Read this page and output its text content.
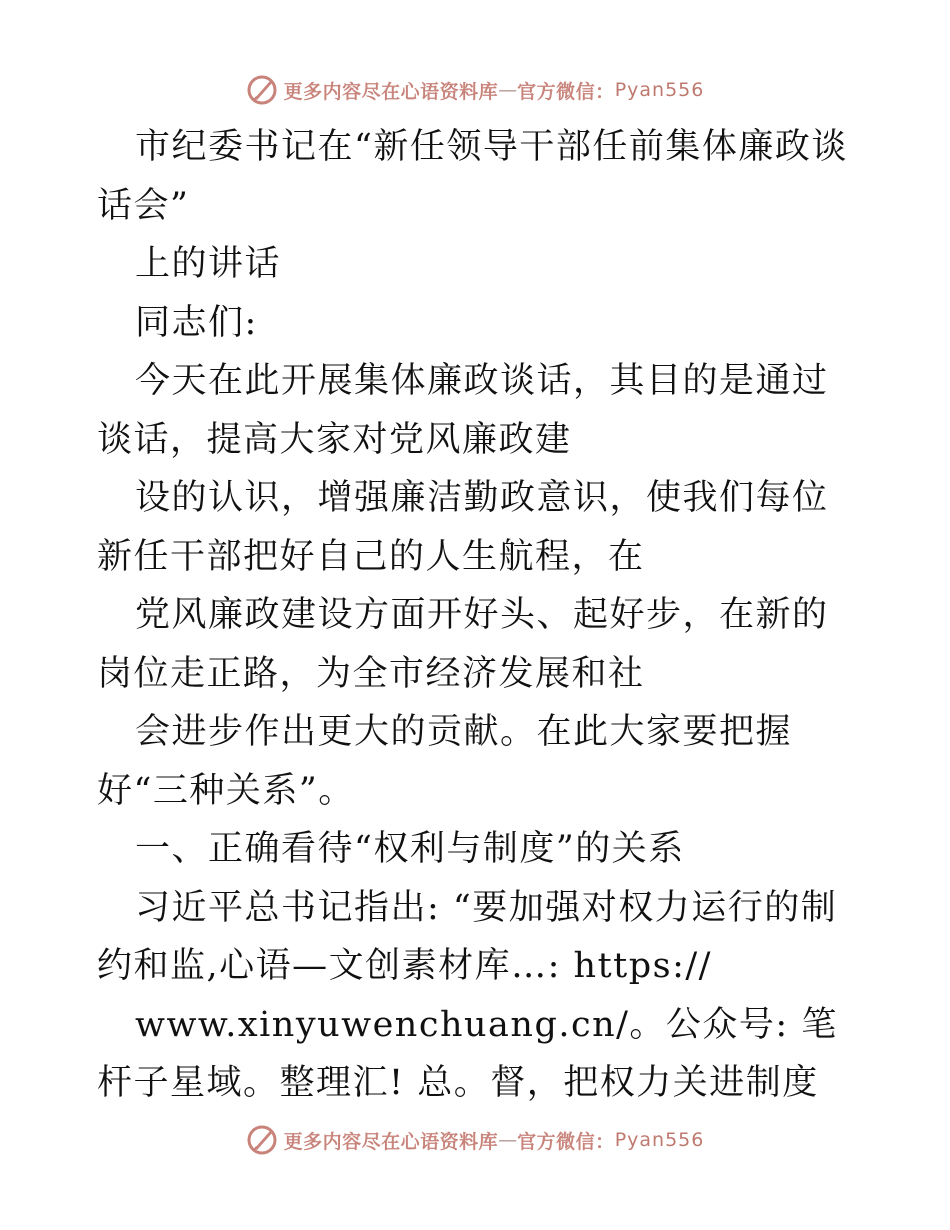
更多内容尽在心语资料库 — 官方微信： Pyan556

市纪委书记在“新任领导干部任前集体廉政谈话会”

上的讲话

同志们:

今天在此开展集体廉政谈话，其目的是通过谈话，提高大家对党风廉政建

设的认识，增强廉洁勤政意识，使我们每位新任干部把好自己的人生航程，在

党风廉政建设方面开好头、起好步，在新的岗位走正路，为全市经济发展和社

会进步作出更大的贡献。在此大家要把握好“三种关系”。

一、正确看待“权利与制度”的关系

习近平总书记指出: “要加强对权力运行的制约和监,心语—文创素材库…: https://

www.xinyuwenchuang.cn/。公众号: 笔杆子星域。整理汇! 总。督，把权力关进制度

更多内容尽在心语资料库 — 官方微信： Pyan556
